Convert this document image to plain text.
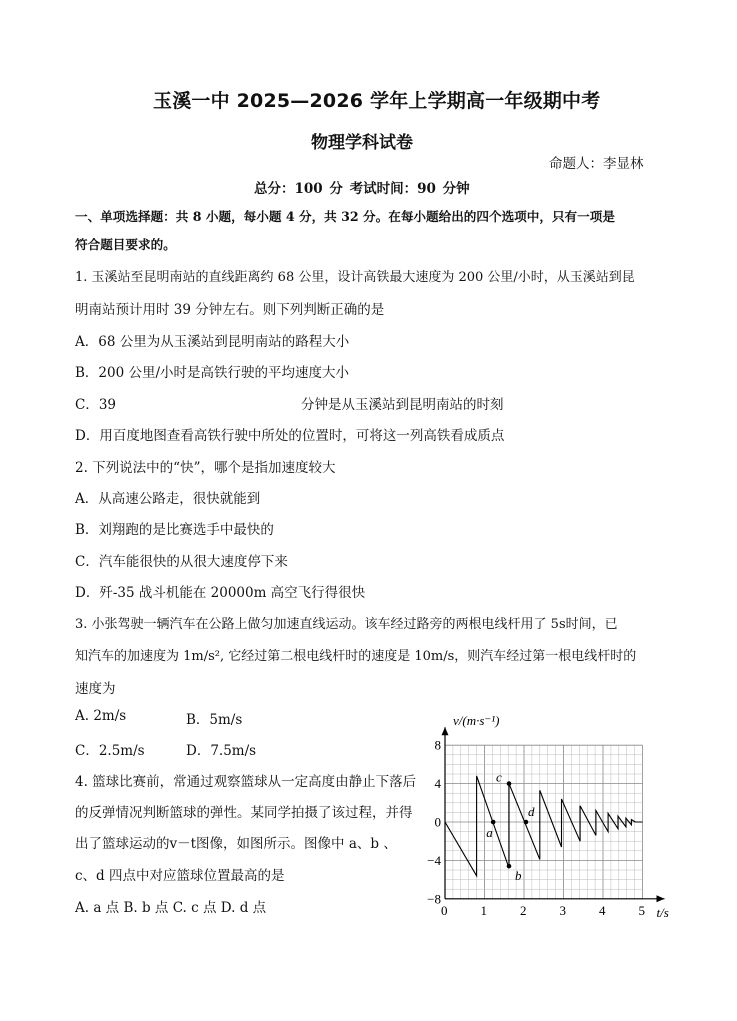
玉溪一中 2025—2026 学年上学期高一年级期中考
物理学科试卷
命题人：李显林
总分：100 分 考试时间：90 分钟
一、单项选择题：共 8 小题，每小题 4 分，共 32 分。在每小题给出的四个选项中，只有一项是
符合题目要求的。
1. 玉溪站至昆明南站的直线距离约 68 公里，设计高铁最大速度为 200 公里/小时，从玉溪站到昆
明南站预计用时 39 分钟左右。则下列判断正确的是
A．68 公里为从玉溪站到昆明南站的路程大小
B．200 公里/小时是高铁行驶的平均速度大小
C．39	分钟是从玉溪站到昆明南站的时刻
D．用百度地图查看高铁行驶中所处的位置时，可将这一列高铁看成质点
2. 下列说法中的“快”，哪个是指加速度较大
A．从高速公路走，很快就能到
B．刘翔跑的是比赛选手中最快的
C．汽车能很快的从很大速度停下来
D．歼-35 战斗机能在 20000m 高空飞行得很快
3. 小张驾驶一辆汽车在公路上做匀加速直线运动。该车经过路旁的两根电线杆用了 5s时间，已
知汽车的加速度为 1m/s², 它经过第二根电线杆时的速度是 10m/s，则汽车经过第一根电线杆时的
速度为
A. 2m/s	B．5m/s
C．2.5m/s	D．7.5m/s
4. 篮球比赛前，常通过观察篮球从一定高度由静止下落后
的反弹情况判断篮球的弹性。某同学拍摄了该过程，并得
出了篮球运动的v－t图像，如图所示。图像中 a、b 、
c、d 四点中对应篮球位置最高的是
A. a 点 B. b 点 C. c 点 D. d 点	0	1	2	3	4	5
8
4
0
−4
−8
a
b
c
d
v/(m·s⁻¹)
t/s
